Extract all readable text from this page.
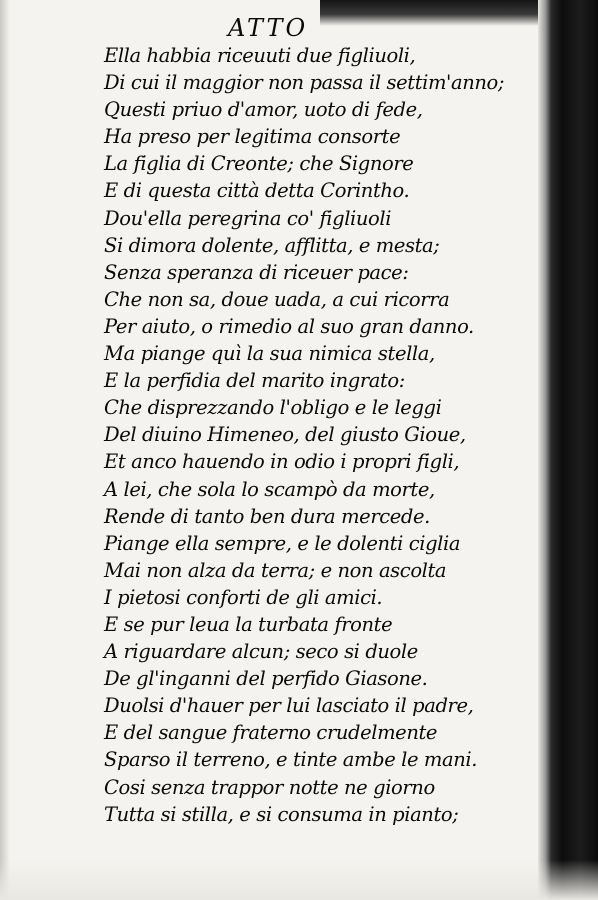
ATTO
Ella habbia riceuuti due figliuoli,
Di cui il maggior non passa il settim'anno;
Questi priuo d'amor, uoto di fede,
Ha preso per legitima consorte
La figlia di Creonte; che Signore
E di questa città detta Corintho.
Dou'ella peregrina co' figliuoli
Si dimora dolente, afflitta, e mesta;
Senza speranza di riceuer pace:
Che non sa, doue uada, a cui ricorra
Per aiuto, o rimedio al suo gran danno.
Ma piange quì la sua nimica stella,
E la perfidia del marito ingrato:
Che disprezzando l'obligo e le leggi
Del diuino Himeneo, del giusto Gioue,
Et anco hauendo in odio i propri figli,
A lei, che sola lo scampò da morte,
Rende di tanto ben dura mercede.
Piange ella sempre, e le dolenti ciglia
Mai non alza da terra; e non ascolta
I pietosi conforti de gli amici.
E se pur leua la turbata fronte
A riguardare alcun; seco si duole
De gl'inganni del perfido Giasone.
Duolsi d'hauer per lui lasciato il padre,
E del sangue fraterno crudelmente
Sparso il terreno, e tinte ambe le mani.
Cosi senza trappor notte ne giorno
Tutta si stilla, e si consuma in pianto;
